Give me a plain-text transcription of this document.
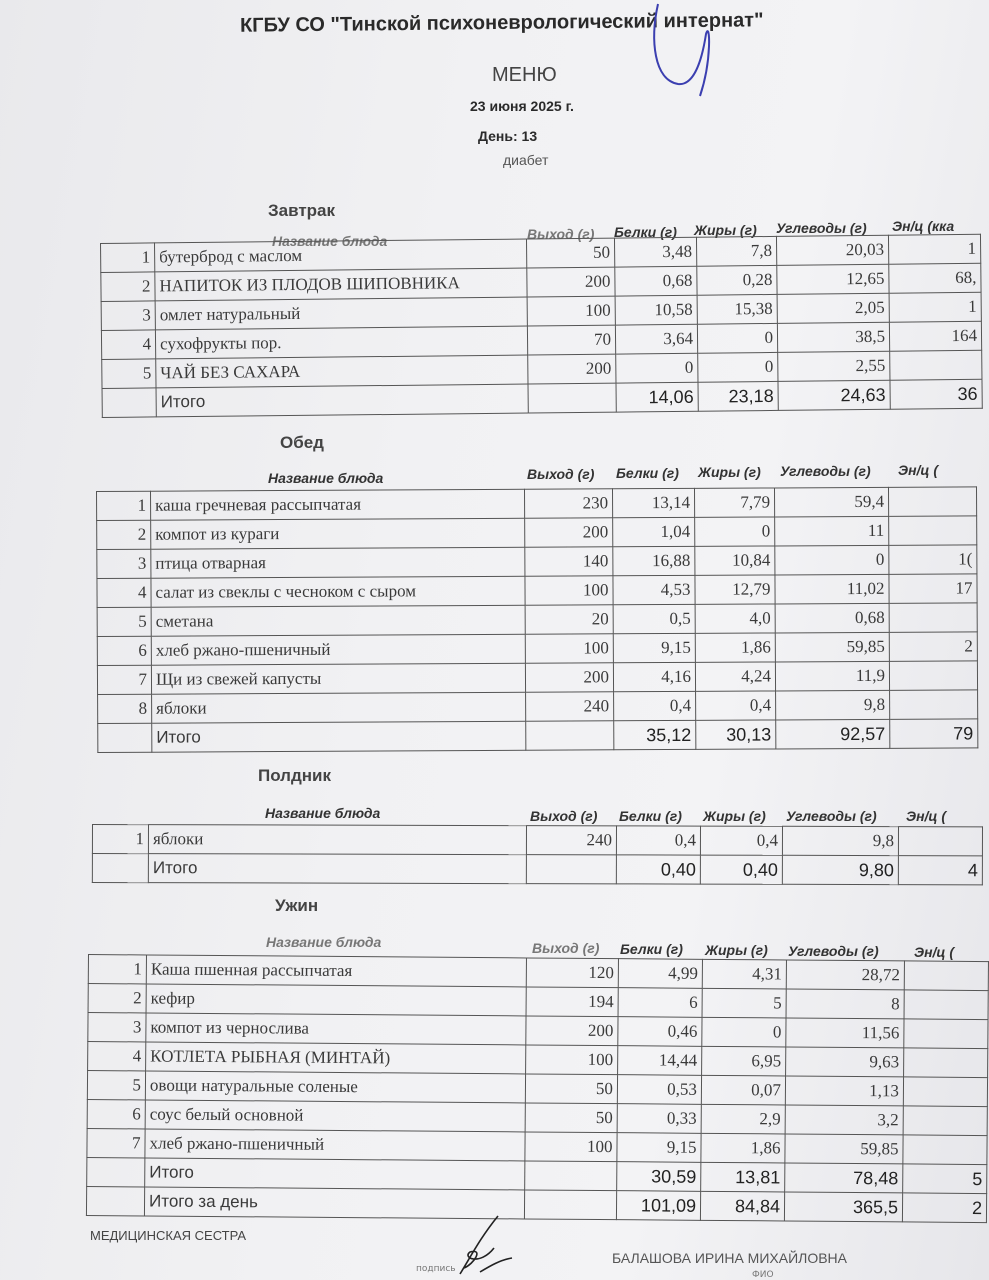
КГБУ СО "Тинской психоневрологический интернат"
МЕНЮ
23 июня 2025 г.
День: 13
диабет
Завтрак
Название блюда	Выход (г) Белки (г) Жиры (г) Углеводы (г) Эн/ц (кка
1	бутерброд с маслом	50	3,48	7,8	20,03	1
2	НАПИТОК ИЗ ПЛОДОВ ШИПОВНИКА	200	0,68	0,28	12,65	68,
3	омлет натуральный	100	10,58	15,38	2,05	1
4	сухофрукты пор.	70	3,64	0	38,5	164
5	ЧАЙ БЕЗ САХАРА	200	0	0	2,55	
	Итого		14,06	23,18	24,63	36
Обед
Название блюда	Выход (г) Белки (г) Жиры (г) Углеводы (г) Эн/ц (
1	каша гречневая рассыпчатая	230	13,14	7,79	59,4	
2	компот из кураги	200	1,04	0	11	
3	птица отварная	140	16,88	10,84	0	1(
4	салат из свеклы с чесноком с сыром	100	4,53	12,79	11,02	17
5	сметана	20	0,5	4,0	0,68	
6	хлеб ржано-пшеничный	100	9,15	1,86	59,85	2
7	Щи из свежей капусты	200	4,16	4,24	11,9	
8	яблоки	240	0,4	0,4	9,8	
	Итого		35,12	30,13	92,57	79
Полдник
Название блюда	Выход (г) Белки (г) Жиры (г) Углеводы (г) Эн/ц (
1	яблоки	240	0,4	0,4	9,8	
	Итого		0,40	0,40	9,80	4
Ужин
Название блюда	Выход (г) Белки (г) Жиры (г) Углеводы (г)	Эн/ц (
1	Каша пшенная рассыпчатая	120	4,99	4,31	28,72	
2	кефир	194	6	5	8	
3	компот из чернослива	200	0,46	0	11,56	
4	КОТЛЕТА РЫБНАЯ (МИНТАЙ)	100	14,44	6,95	9,63	
5	овощи натуральные соленые	50	0,53	0,07	1,13	
6	соус белый основной	50	0,33	2,9	3,2	
7	хлеб ржано-пшеничный	100	9,15	1,86	59,85	
	Итого		30,59	13,81	78,48	5
	Итого за день		101,09	84,84	365,5	2
МЕДИЦИНСКАЯ СЕСТРА
подпись
БАЛАШОВА ИРИНА МИХАЙЛОВНА
ФИО
